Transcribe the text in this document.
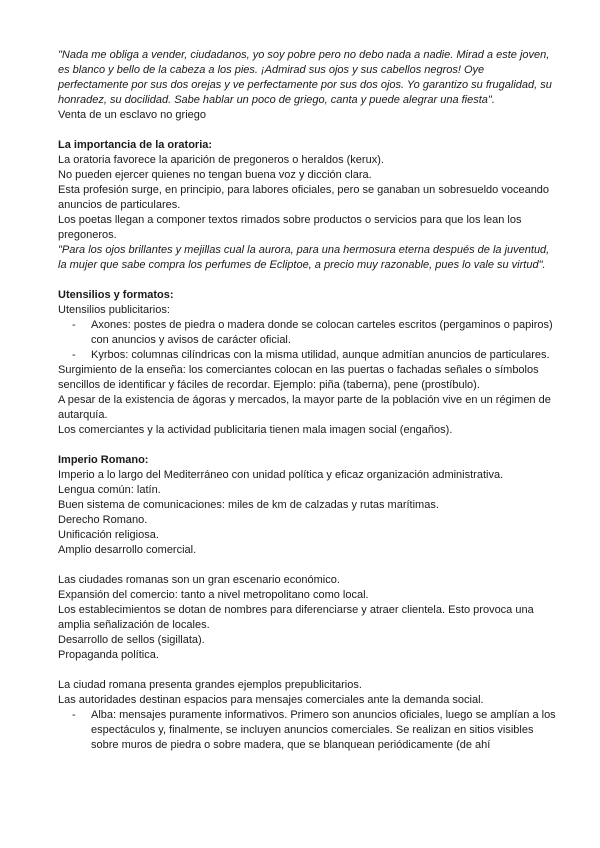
"Nada me obliga a vender, ciudadanos, yo soy pobre pero no debo nada a nadie. Mirad a este joven, es blanco y bello de la cabeza a los pies. ¡Admirad sus ojos y sus cabellos negros! Oye perfectamente por sus dos orejas y ve perfectamente por sus dos ojos. Yo garantizo su frugalidad, su honradez, su docilidad. Sabe hablar un poco de griego, canta y puede alegrar una fiesta".

Venta de un esclavo no griego

La importancia de la oratoria:

La oratoria favorece la aparición de pregoneros o heraldos (kerux).

No pueden ejercer quienes no tengan buena voz y dicción clara.

Esta profesión surge, en principio, para labores oficiales, pero se ganaban un sobresueldo voceando anuncios de particulares.

Los poetas llegan a componer textos rimados sobre productos o servicios para que los lean los pregoneros.

"Para los ojos brillantes y mejillas cual la aurora, para una hermosura eterna después de la juventud, la mujer que sabe compra los perfumes de Ecliptoe, a precio muy razonable, pues lo vale su virtud".

Utensilios y formatos:

Utensilios publicitarios:

- Axones: postes de piedra o madera donde se colocan carteles escritos (pergaminos o papiros) con anuncios y avisos de carácter oficial.
- Kyrbos: columnas cilíndricas con la misma utilidad, aunque admitían anuncios de particulares.

Surgimiento de la enseña: los comerciantes colocan en las puertas o fachadas señales o símbolos sencillos de identificar y fáciles de recordar. Ejemplo: piña (taberna), pene (prostíbulo).

A pesar de la existencia de ágoras y mercados, la mayor parte de la población vive en un régimen de autarquía.

Los comerciantes y la actividad publicitaria tienen mala imagen social (engaños).

Imperio Romano:

Imperio a lo largo del Mediterráneo con unidad política y eficaz organización administrativa.

Lengua común: latín.

Buen sistema de comunicaciones: miles de km de calzadas y rutas marítimas.

Derecho Romano.

Unificación religiosa.

Amplio desarrollo comercial.

Las ciudades romanas son un gran escenario económico.

Expansión del comercio: tanto a nivel metropolitano como local.

Los establecimientos se dotan de nombres para diferenciarse y atraer clientela. Esto provoca una amplia señalización de locales.

Desarrollo de sellos (sigillata).

Propaganda política.

La ciudad romana presenta grandes ejemplos prepublicitarios.

Las autoridades destinan espacios para mensajes comerciales ante la demanda social.

- Alba: mensajes puramente informativos. Primero son anuncios oficiales, luego se amplían a los espectáculos y, finalmente, se incluyen anuncios comerciales. Se realizan en sitios visibles sobre muros de piedra o sobre madera, que se blanquean periódicamente (de ahí
